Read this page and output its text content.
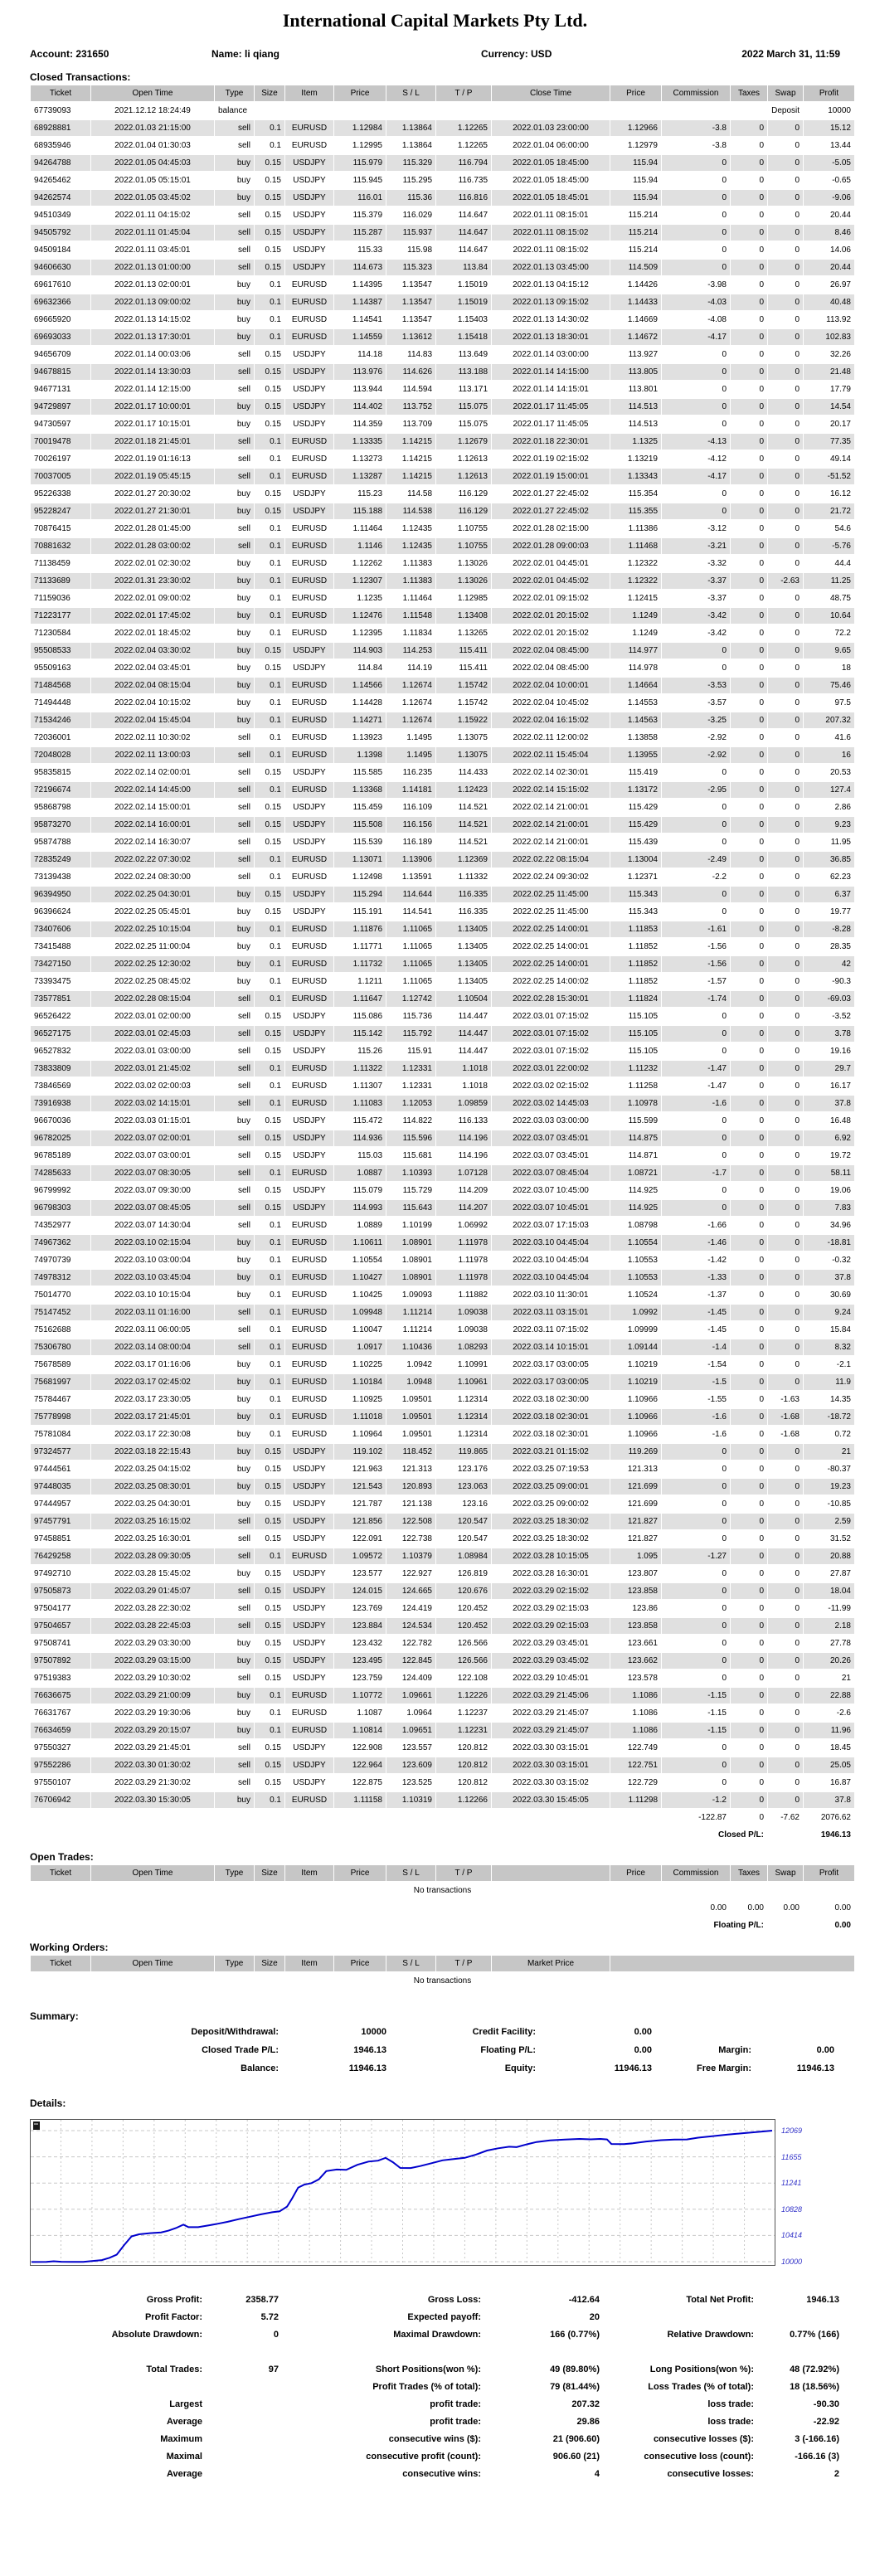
International Capital Markets Pty Ltd.
Account: 231650	Name: li qiang	Currency: USD	2022 March 31, 11:59
Closed Transactions:
Ticket	Open Time	Type	Size	Item	Price	S / L	T / P	Close Time	Price	Commission	Taxes	Swap	Profit
67739093	2021.12.12 18:24:49	balance									Deposit		10000
68928881	2022.01.03 21:15:00	sell	0.1	EURUSD	1.12984	1.13864	1.12265	2022.01.03 23:00:00	1.12966	-3.8	0	0	15.12
68935946	2022.01.04 01:30:03	sell	0.1	EURUSD	1.12995	1.13864	1.12265	2022.01.04 06:00:00	1.12979	-3.8	0	0	13.44
94264788	2022.01.05 04:45:03	buy	0.15	USDJPY	115.979	115.329	116.794	2022.01.05 18:45:00	115.94	0	0	0	-5.05
94265462	2022.01.05 05:15:01	buy	0.15	USDJPY	115.945	115.295	116.735	2022.01.05 18:45:00	115.94	0	0	0	-0.65
94262574	2022.01.05 03:45:02	buy	0.15	USDJPY	116.01	115.36	116.816	2022.01.05 18:45:01	115.94	0	0	0	-9.06
94510349	2022.01.11 04:15:02	sell	0.15	USDJPY	115.379	116.029	114.647	2022.01.11 08:15:01	115.214	0	0	0	20.44
94505792	2022.01.11 01:45:04	sell	0.15	USDJPY	115.287	115.937	114.647	2022.01.11 08:15:02	115.214	0	0	0	8.46
94509184	2022.01.11 03:45:01	sell	0.15	USDJPY	115.33	115.98	114.647	2022.01.11 08:15:02	115.214	0	0	0	14.06
94606630	2022.01.13 01:00:00	sell	0.15	USDJPY	114.673	115.323	113.84	2022.01.13 03:45:00	114.509	0	0	0	20.44
69617610	2022.01.13 02:00:01	buy	0.1	EURUSD	1.14395	1.13547	1.15019	2022.01.13 04:15:12	1.14426	-3.98	0	0	26.97
69632366	2022.01.13 09:00:02	buy	0.1	EURUSD	1.14387	1.13547	1.15019	2022.01.13 09:15:02	1.14433	-4.03	0	0	40.48
69665920	2022.01.13 14:15:02	buy	0.1	EURUSD	1.14541	1.13547	1.15403	2022.01.13 14:30:02	1.14669	-4.08	0	0	113.92
69693033	2022.01.13 17:30:01	buy	0.1	EURUSD	1.14559	1.13612	1.15418	2022.01.13 18:30:01	1.14672	-4.17	0	0	102.83
94656709	2022.01.14 00:03:06	sell	0.15	USDJPY	114.18	114.83	113.649	2022.01.14 03:00:00	113.927	0	0	0	32.26
94678815	2022.01.14 13:30:03	sell	0.15	USDJPY	113.976	114.626	113.188	2022.01.14 14:15:00	113.805	0	0	0	21.48
94677131	2022.01.14 12:15:00	sell	0.15	USDJPY	113.944	114.594	113.171	2022.01.14 14:15:01	113.801	0	0	0	17.79
94729897	2022.01.17 10:00:01	buy	0.15	USDJPY	114.402	113.752	115.075	2022.01.17 11:45:05	114.513	0	0	0	14.54
94730597	2022.01.17 10:15:01	buy	0.15	USDJPY	114.359	113.709	115.075	2022.01.17 11:45:05	114.513	0	0	0	20.17
70019478	2022.01.18 21:45:01	sell	0.1	EURUSD	1.13335	1.14215	1.12679	2022.01.18 22:30:01	1.1325	-4.13	0	0	77.35
70026197	2022.01.19 01:16:13	sell	0.1	EURUSD	1.13273	1.14215	1.12613	2022.01.19 02:15:02	1.13219	-4.12	0	0	49.14
70037005	2022.01.19 05:45:15	sell	0.1	EURUSD	1.13287	1.14215	1.12613	2022.01.19 15:00:01	1.13343	-4.17	0	0	-51.52
95226338	2022.01.27 20:30:02	buy	0.15	USDJPY	115.23	114.58	116.129	2022.01.27 22:45:02	115.354	0	0	0	16.12
95228247	2022.01.27 21:30:01	buy	0.15	USDJPY	115.188	114.538	116.129	2022.01.27 22:45:02	115.355	0	0	0	21.72
70876415	2022.01.28 01:45:00	sell	0.1	EURUSD	1.11464	1.12435	1.10755	2022.01.28 02:15:00	1.11386	-3.12	0	0	54.6
70881632	2022.01.28 03:00:02	sell	0.1	EURUSD	1.1146	1.12435	1.10755	2022.01.28 09:00:03	1.11468	-3.21	0	0	-5.76
71138459	2022.02.01 02:30:02	buy	0.1	EURUSD	1.12262	1.11383	1.13026	2022.02.01 04:45:01	1.12322	-3.32	0	0	44.4
71133689	2022.01.31 23:30:02	buy	0.1	EURUSD	1.12307	1.11383	1.13026	2022.02.01 04:45:02	1.12322	-3.37	0	-2.63	11.25
71159036	2022.02.01 09:00:02	buy	0.1	EURUSD	1.1235	1.11464	1.12985	2022.02.01 09:15:02	1.12415	-3.37	0	0	48.75
71223177	2022.02.01 17:45:02	buy	0.1	EURUSD	1.12476	1.11548	1.13408	2022.02.01 20:15:02	1.1249	-3.42	0	0	10.64
71230584	2022.02.01 18:45:02	buy	0.1	EURUSD	1.12395	1.11834	1.13265	2022.02.01 20:15:02	1.1249	-3.42	0	0	72.2
95508533	2022.02.04 03:30:02	buy	0.15	USDJPY	114.903	114.253	115.411	2022.02.04 08:45:00	114.977	0	0	0	9.65
95509163	2022.02.04 03:45:01	buy	0.15	USDJPY	114.84	114.19	115.411	2022.02.04 08:45:00	114.978	0	0	0	18
71484568	2022.02.04 08:15:04	buy	0.1	EURUSD	1.14566	1.12674	1.15742	2022.02.04 10:00:01	1.14664	-3.53	0	0	75.46
71494448	2022.02.04 10:15:02	buy	0.1	EURUSD	1.14428	1.12674	1.15742	2022.02.04 10:45:02	1.14553	-3.57	0	0	97.5
71534246	2022.02.04 15:45:04	buy	0.1	EURUSD	1.14271	1.12674	1.15922	2022.02.04 16:15:02	1.14563	-3.25	0	0	207.32
72036001	2022.02.11 10:30:02	sell	0.1	EURUSD	1.13923	1.1495	1.13075	2022.02.11 12:00:02	1.13858	-2.92	0	0	41.6
72048028	2022.02.11 13:00:03	sell	0.1	EURUSD	1.1398	1.1495	1.13075	2022.02.11 15:45:04	1.13955	-2.92	0	0	16
95835815	2022.02.14 02:00:01	sell	0.15	USDJPY	115.585	116.235	114.433	2022.02.14 02:30:01	115.419	0	0	0	20.53
72196674	2022.02.14 14:45:00	sell	0.1	EURUSD	1.13368	1.14181	1.12423	2022.02.14 15:15:02	1.13172	-2.95	0	0	127.4
95868798	2022.02.14 15:00:01	sell	0.15	USDJPY	115.459	116.109	114.521	2022.02.14 21:00:01	115.429	0	0	0	2.86
95873270	2022.02.14 16:00:01	sell	0.15	USDJPY	115.508	116.156	114.521	2022.02.14 21:00:01	115.429	0	0	0	9.23
95874788	2022.02.14 16:30:07	sell	0.15	USDJPY	115.539	116.189	114.521	2022.02.14 21:00:01	115.439	0	0	0	11.95
72835249	2022.02.22 07:30:02	sell	0.1	EURUSD	1.13071	1.13906	1.12369	2022.02.22 08:15:04	1.13004	-2.49	0	0	36.85
73139438	2022.02.24 08:30:00	sell	0.1	EURUSD	1.12498	1.13591	1.11332	2022.02.24 09:30:02	1.12371	-2.2	0	0	62.23
96394950	2022.02.25 04:30:01	buy	0.15	USDJPY	115.294	114.644	116.335	2022.02.25 11:45:00	115.343	0	0	0	6.37
96396624	2022.02.25 05:45:01	buy	0.15	USDJPY	115.191	114.541	116.335	2022.02.25 11:45:00	115.343	0	0	0	19.77
73407606	2022.02.25 10:15:04	buy	0.1	EURUSD	1.11876	1.11065	1.13405	2022.02.25 14:00:01	1.11853	-1.61	0	0	-8.28
73415488	2022.02.25 11:00:04	buy	0.1	EURUSD	1.11771	1.11065	1.13405	2022.02.25 14:00:01	1.11852	-1.56	0	0	28.35
73427150	2022.02.25 12:30:02	buy	0.1	EURUSD	1.11732	1.11065	1.13405	2022.02.25 14:00:01	1.11852	-1.56	0	0	42
73393475	2022.02.25 08:45:02	buy	0.1	EURUSD	1.1211	1.11065	1.13405	2022.02.25 14:00:02	1.11852	-1.57	0	0	-90.3
73577851	2022.02.28 08:15:04	sell	0.1	EURUSD	1.11647	1.12742	1.10504	2022.02.28 15:30:01	1.11824	-1.74	0	0	-69.03
96526422	2022.03.01 02:00:00	sell	0.15	USDJPY	115.086	115.736	114.447	2022.03.01 07:15:02	115.105	0	0	0	-3.52
96527175	2022.03.01 02:45:03	sell	0.15	USDJPY	115.142	115.792	114.447	2022.03.01 07:15:02	115.105	0	0	0	3.78
96527832	2022.03.01 03:00:00	sell	0.15	USDJPY	115.26	115.91	114.447	2022.03.01 07:15:02	115.105	0	0	0	19.16
73833809	2022.03.01 21:45:02	sell	0.1	EURUSD	1.11322	1.12331	1.1018	2022.03.01 22:00:02	1.11232	-1.47	0	0	29.7
73846569	2022.03.02 02:00:03	sell	0.1	EURUSD	1.11307	1.12331	1.1018	2022.03.02 02:15:02	1.11258	-1.47	0	0	16.17
73916938	2022.03.02 14:15:01	sell	0.1	EURUSD	1.11083	1.12053	1.09859	2022.03.02 14:45:03	1.10978	-1.6	0	0	37.8
96670036	2022.03.03 01:15:01	buy	0.15	USDJPY	115.472	114.822	116.133	2022.03.03 03:00:00	115.599	0	0	0	16.48
96782025	2022.03.07 02:00:01	sell	0.15	USDJPY	114.936	115.596	114.196	2022.03.07 03:45:01	114.875	0	0	0	6.92
96785189	2022.03.07 03:00:01	sell	0.15	USDJPY	115.03	115.681	114.196	2022.03.07 03:45:01	114.871	0	0	0	19.72
74285633	2022.03.07 08:30:05	sell	0.1	EURUSD	1.0887	1.10393	1.07128	2022.03.07 08:45:04	1.08721	-1.7	0	0	58.11
96799992	2022.03.07 09:30:00	sell	0.15	USDJPY	115.079	115.729	114.209	2022.03.07 10:45:00	114.925	0	0	0	19.06
96798303	2022.03.07 08:45:05	sell	0.15	USDJPY	114.993	115.643	114.207	2022.03.07 10:45:01	114.925	0	0	0	7.83
74352977	2022.03.07 14:30:04	sell	0.1	EURUSD	1.0889	1.10199	1.06992	2022.03.07 17:15:03	1.08798	-1.66	0	0	34.96
74967362	2022.03.10 02:15:04	buy	0.1	EURUSD	1.10611	1.08901	1.11978	2022.03.10 04:45:04	1.10554	-1.46	0	0	-18.81
74970739	2022.03.10 03:00:04	buy	0.1	EURUSD	1.10554	1.08901	1.11978	2022.03.10 04:45:04	1.10553	-1.42	0	0	-0.32
74978312	2022.03.10 03:45:04	buy	0.1	EURUSD	1.10427	1.08901	1.11978	2022.03.10 04:45:04	1.10553	-1.33	0	0	37.8
75014770	2022.03.10 10:15:04	buy	0.1	EURUSD	1.10425	1.09093	1.11882	2022.03.10 11:30:01	1.10524	-1.37	0	0	30.69
75147452	2022.03.11 01:16:00	sell	0.1	EURUSD	1.09948	1.11214	1.09038	2022.03.11 03:15:01	1.0992	-1.45	0	0	9.24
75162688	2022.03.11 06:00:05	sell	0.1	EURUSD	1.10047	1.11214	1.09038	2022.03.11 07:15:02	1.09999	-1.45	0	0	15.84
75306780	2022.03.14 08:00:04	sell	0.1	EURUSD	1.0917	1.10436	1.08293	2022.03.14 10:15:01	1.09144	-1.4	0	0	8.32
75678589	2022.03.17 01:16:06	buy	0.1	EURUSD	1.10225	1.0942	1.10991	2022.03.17 03:00:05	1.10219	-1.54	0	0	-2.1
75681997	2022.03.17 02:45:02	buy	0.1	EURUSD	1.10184	1.0948	1.10961	2022.03.17 03:00:05	1.10219	-1.5	0	0	11.9
75784467	2022.03.17 23:30:05	buy	0.1	EURUSD	1.10925	1.09501	1.12314	2022.03.18 02:30:00	1.10966	-1.55	0	-1.63	14.35
75778998	2022.03.17 21:45:01	buy	0.1	EURUSD	1.11018	1.09501	1.12314	2022.03.18 02:30:01	1.10966	-1.6	0	-1.68	-18.72
75781084	2022.03.17 22:30:08	buy	0.1	EURUSD	1.10964	1.09501	1.12314	2022.03.18 02:30:01	1.10966	-1.6	0	-1.68	0.72
97324577	2022.03.18 22:15:43	buy	0.15	USDJPY	119.102	118.452	119.865	2022.03.21 01:15:02	119.269	0	0	0	21
97444561	2022.03.25 04:15:02	buy	0.15	USDJPY	121.963	121.313	123.176	2022.03.25 07:19:53	121.313	0	0	0	-80.37
97448035	2022.03.25 08:30:01	buy	0.15	USDJPY	121.543	120.893	123.063	2022.03.25 09:00:01	121.699	0	0	0	19.23
97444957	2022.03.25 04:30:01	buy	0.15	USDJPY	121.787	121.138	123.16	2022.03.25 09:00:02	121.699	0	0	0	-10.85
97457791	2022.03.25 16:15:02	sell	0.15	USDJPY	121.856	122.508	120.547	2022.03.25 18:30:02	121.827	0	0	0	2.59
97458851	2022.03.25 16:30:01	sell	0.15	USDJPY	122.091	122.738	120.547	2022.03.25 18:30:02	121.827	0	0	0	31.52
76429258	2022.03.28 09:30:05	sell	0.1	EURUSD	1.09572	1.10379	1.08984	2022.03.28 10:15:05	1.095	-1.27	0	0	20.88
97492710	2022.03.28 15:45:02	buy	0.15	USDJPY	123.577	122.927	126.819	2022.03.28 16:30:01	123.807	0	0	0	27.87
97505873	2022.03.29 01:45:07	sell	0.15	USDJPY	124.015	124.665	120.676	2022.03.29 02:15:02	123.858	0	0	0	18.04
97504177	2022.03.28 22:30:02	sell	0.15	USDJPY	123.769	124.419	120.452	2022.03.29 02:15:03	123.86	0	0	0	-11.99
97504657	2022.03.28 22:45:03	sell	0.15	USDJPY	123.884	124.534	120.452	2022.03.29 02:15:03	123.858	0	0	0	2.18
97508741	2022.03.29 03:30:00	buy	0.15	USDJPY	123.432	122.782	126.566	2022.03.29 03:45:01	123.661	0	0	0	27.78
97507892	2022.03.29 03:15:00	buy	0.15	USDJPY	123.495	122.845	126.566	2022.03.29 03:45:02	123.662	0	0	0	20.26
97519383	2022.03.29 10:30:02	sell	0.15	USDJPY	123.759	124.409	122.108	2022.03.29 10:45:01	123.578	0	0	0	21
76636675	2022.03.29 21:00:09	buy	0.1	EURUSD	1.10772	1.09661	1.12226	2022.03.29 21:45:06	1.1086	-1.15	0	0	22.88
76631767	2022.03.29 19:30:06	buy	0.1	EURUSD	1.1087	1.0964	1.12237	2022.03.29 21:45:07	1.1086	-1.15	0	0	-2.6
76634659	2022.03.29 20:15:07	buy	0.1	EURUSD	1.10814	1.09651	1.12231	2022.03.29 21:45:07	1.1086	-1.15	0	0	11.96
97550327	2022.03.29 21:45:01	sell	0.15	USDJPY	122.908	123.557	120.812	2022.03.30 03:15:01	122.749	0	0	0	18.45
97552286	2022.03.30 01:30:02	sell	0.15	USDJPY	122.964	123.609	120.812	2022.03.30 03:15:01	122.751	0	0	0	25.05
97550107	2022.03.29 21:30:02	sell	0.15	USDJPY	122.875	123.525	120.812	2022.03.30 03:15:02	122.729	0	0	0	16.87
76706942	2022.03.30 15:30:05	buy	0.1	EURUSD	1.11158	1.10319	1.12266	2022.03.30 15:45:05	1.11298	-1.2	0	0	37.8
										-122.87	0	-7.62	2076.62
Closed P/L:												1946.13	
Open Trades:
Ticket	Open Time	Type	Size	Item	Price	S / L	T / P		Price	Commission	Taxes	Swap	Profit
No transactions													
										0.00	0.00	0.00	0.00
Floating P/L:												0.00	
Working Orders:
Ticket	Open Time	Type	Size	Item	Price	S / L	T / P	Market Price	
No transactions
Summary:
Deposit/Withdrawal:	10000	Credit Facility:	0.00
Closed Trade P/L:	1946.13	Floating P/L:	0.00	Margin:	0.00
Balance:	11946.13	Equity:	11946.13	Free Margin:	11946.13
Details:
10000
10414
10828
11241
11655
12069
Gross Profit:	2358.77	Gross Loss:	-412.64	Total Net Profit:	1946.13
Profit Factor:	5.72	Expected payoff:	20
Absolute Drawdown:	0	Maximal Drawdown:	166 (0.77%)	Relative Drawdown:	0.77% (166)
Total Trades:	97	Short Positions(won %):	49 (89.80%)	Long Positions(won %):	48 (72.92%)
Profit Trades (% of total):	79 (81.44%)	Loss Trades (% of total):	18 (18.56%)
Largest	profit trade:	207.32	loss trade:	-90.30
Average	profit trade:	29.86	loss trade:	-22.92
Maximum	consecutive wins ($):	21 (906.60)	consecutive losses ($):	3 (-166.16)
Maximal	consecutive profit (count):	906.60 (21)	consecutive loss (count):	-166.16 (3)
Average	consecutive wins:	4	consecutive losses:	2
